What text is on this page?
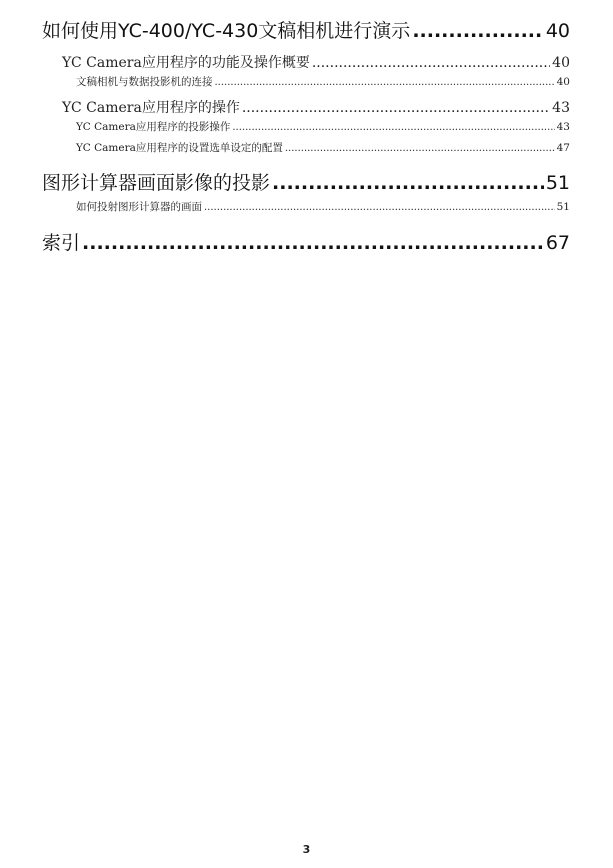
如何使用YC-400/YC-430文稿相机进行演示 .....	40
YC Camera应用程序的功能及操作概要 .....	40
文稿相机与数据投影机的连接 .....	40
YC Camera应用程序的操作 .....	43
YC Camera应用程序的投影操作 .....	43
YC Camera应用程序的设置选单设定的配置 .....	47
图形计算器画面影像的投影 .....	51
如何投射图形计算器的画面 .....	51
索引 .....	67
3
